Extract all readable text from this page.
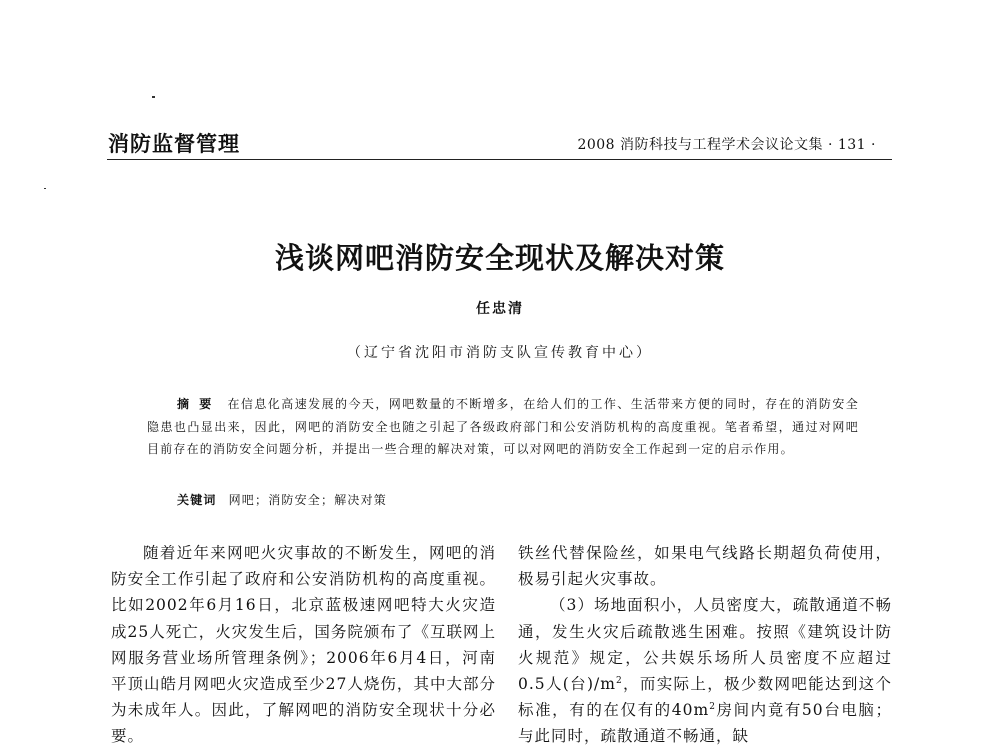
消防监督管理	2008 消防科技与工程学术会议论文集 · 131 ·
浅谈网吧消防安全现状及解决对策
任忠清
（辽宁省沈阳市消防支队宣传教育中心）
摘要 在信息化高速发展的今天，网吧数量的不断增多，在给人们的工作、生活带来方便的同时，存在的消防安全隐患也凸显出来，因此，网吧的消防安全也随之引起了各级政府部门和公安消防机构的高度重视。笔者希望，通过对网吧目前存在的消防安全问题分析，并提出一些合理的解决对策，可以对网吧的消防安全工作起到一定的启示作用。
关键词 网吧；消防安全；解决对策

随着近年来网吧火灾事故的不断发生，网吧的消防安全工作引起了政府和公安消防机构的高度重视。比如2002年6月16日，北京蓝极速网吧特大火灾造成25人死亡，火灾发生后，国务院颁布了《互联网上网服务营业场所管理条例》；2006年6月4日，河南平顶山皓月网吧火灾造成至少27人烧伤，其中大部分为未成年人。因此，了解网吧的消防安全现状十分必要。

铁丝代替保险丝，如果电气线路长期超负荷使用，极易引起火灾事故。

（3）场地面积小，人员密度大，疏散通道不畅通，发生火灾后疏散逃生困难。按照《建筑设计防火规范》规定，公共娱乐场所人员密度不应超过0.5人(台)$/m^2$，而实际上，极少数网吧能达到这个标准，有的在仅有的$40m^2$房间内竟有50台电脑；与此同时，疏散通道不畅通，缺
